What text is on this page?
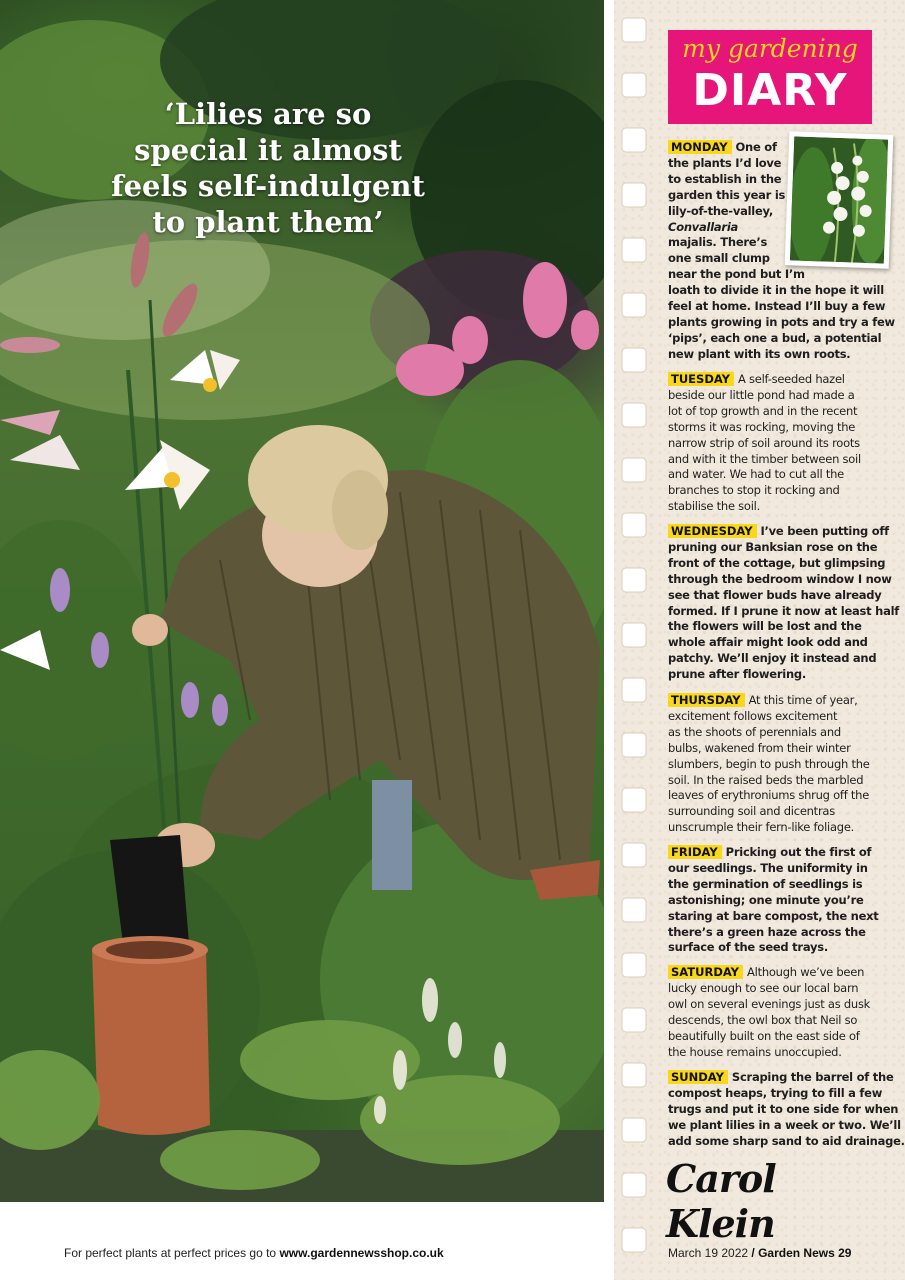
‘Lilies are so
special it almost
feels self-indulgent
to plant them’
my gardening
DIARY
MONDAY One of
the plants I’d love
to establish in the
garden this year is
lily-of-the-valley,
Convallaria
majalis. There’s
one small clump
near the pond but I’m
loath to divide it in the hope it will
feel at home. Instead I’ll buy a few
plants growing in pots and try a few
‘pips’, each one a bud, a potential
new plant with its own roots.
TUESDAY A self-seeded hazel
beside our little pond had made a
lot of top growth and in the recent
storms it was rocking, moving the
narrow strip of soil around its roots
and with it the timber between soil
and water. We had to cut all the
branches to stop it rocking and
stabilise the soil.
WEDNESDAY I’ve been putting off
pruning our Banksian rose on the
front of the cottage, but glimpsing
through the bedroom window I now
see that flower buds have already
formed. If I prune it now at least half
the flowers will be lost and the
whole affair might look odd and
patchy. We’ll enjoy it instead and
prune after flowering.
THURSDAY At this time of year,
excitement follows excitement
as the shoots of perennials and
bulbs, wakened from their winter
slumbers, begin to push through the
soil. In the raised beds the marbled
leaves of erythroniums shrug off the
surrounding soil and dicentras
unscrumple their fern-like foliage.
FRIDAY Pricking out the first of
our seedlings. The uniformity in
the germination of seedlings is
astonishing; one minute you’re
staring at bare compost, the next
there’s a green haze across the
surface of the seed trays.
SATURDAY Although we’ve been
lucky enough to see our local barn
owl on several evenings just as dusk
descends, the owl box that Neil so
beautifully built on the east side of
the house remains unoccupied.
SUNDAY Scraping the barrel of the
compost heaps, trying to fill a few
trugs and put it to one side for when
we plant lilies in a week or two. We’ll
add some sharp sand to aid drainage.
Carol Klein
For perfect plants at perfect prices go to www.gardennewsshop.co.uk	March 19 2022 / Garden News 29
